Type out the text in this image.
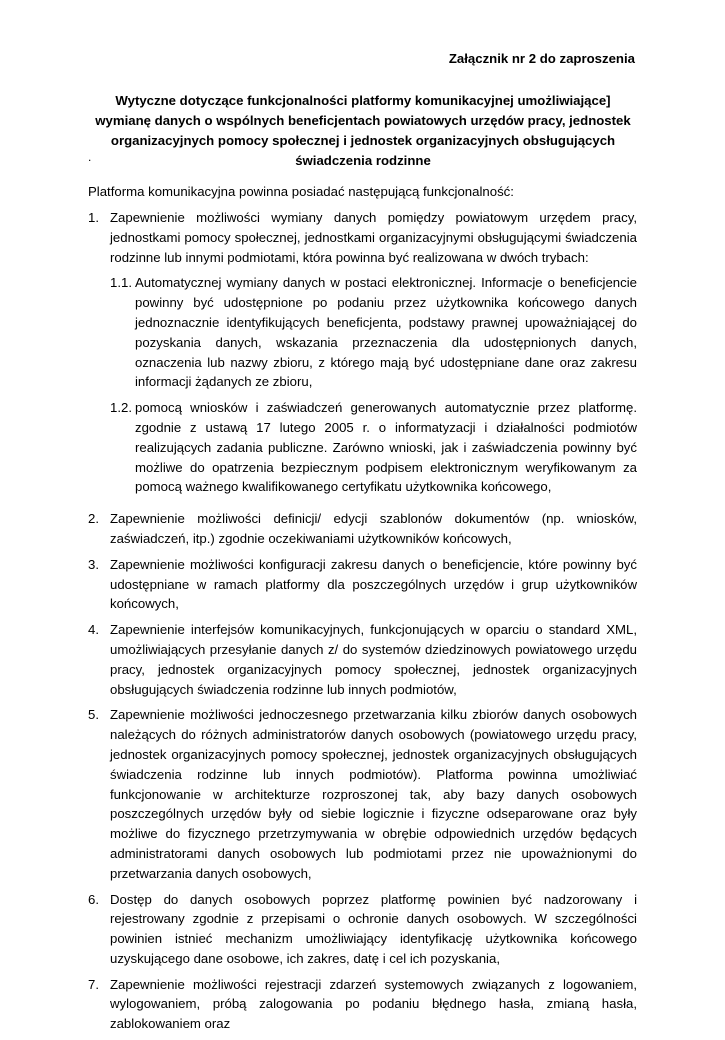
Załącznik nr 2 do zaproszenia
Wytyczne dotyczące funkcjonalności platformy komunikacyjnej umożliwiające] wymianę danych o wspólnych beneficjentach powiatowych urzędów pracy, jednostek organizacyjnych pomocy społecznej i jednostek organizacyjnych obsługujących świadczenia rodzinne
.
Platforma komunikacyjna powinna posiadać następującą funkcjonalność:
1. Zapewnienie możliwości wymiany danych pomiędzy powiatowym urzędem pracy, jednostkami pomocy społecznej, jednostkami organizacyjnymi obsługującymi świadczenia rodzinne lub innymi podmiotami, która powinna być realizowana w dwóch trybach:
1.1. Automatycznej wymiany danych w postaci elektronicznej. Informacje o beneficjencie powinny być udostępnione po podaniu przez użytkownika końcowego danych jednoznacznie identyfikujących beneficjenta, podstawy prawnej upoważniającej do pozyskania danych, wskazania przeznaczenia dla udostępnionych danych, oznaczenia lub nazwy zbioru, z którego mają być udostępniane dane oraz zakresu informacji żądanych ze zbioru,
1.2. pomocą wniosków i zaświadczeń generowanych automatycznie przez platformę. zgodnie z ustawą 17 lutego 2005 r. o informatyzacji i działalności podmiotów realizujących zadania publiczne. Zarówno wnioski, jak i zaświadczenia powinny być możliwe do opatrzenia bezpiecznym podpisem elektronicznym weryfikowanym za pomocą ważnego kwalifikowanego certyfikatu użytkownika końcowego,
2. Zapewnienie możliwości definicji/ edycji szablonów dokumentów (np. wniosków, zaświadczeń, itp.) zgodnie oczekiwaniami użytkowników końcowych,
3. Zapewnienie możliwości konfiguracji zakresu danych o beneficjencie, które powinny być udostępniane w ramach platformy dla poszczególnych urzędów i grup użytkowników końcowych,
4. Zapewnienie interfejsów komunikacyjnych, funkcjonujących w oparciu o standard XML, umożliwiających przesyłanie danych z/ do systemów dziedzinowych powiatowego urzędu pracy, jednostek organizacyjnych pomocy społecznej, jednostek organizacyjnych obsługujących świadczenia rodzinne lub innych podmiotów,
5. Zapewnienie możliwości jednoczesnego przetwarzania kilku zbiorów danych osobowych należących do różnych administratorów danych osobowych (powiatowego urzędu pracy, jednostek organizacyjnych pomocy społecznej, jednostek organizacyjnych obsługujących świadczenia rodzinne lub innych podmiotów). Platforma powinna umożliwiać funkcjonowanie w architekturze rozproszonej tak, aby bazy danych osobowych poszczególnych urzędów były od siebie logicznie i fizyczne odseparowane oraz były możliwe do fizycznego przetrzymywania w obrębie odpowiednich urzędów będących administratorami danych osobowych lub podmiotami przez nie upoważnionymi do przetwarzania danych osobowych,
6. Dostęp do danych osobowych poprzez platformę powinien być nadzorowany i rejestrowany zgodnie z przepisami o ochronie danych osobowych. W szczególności powinien istnieć mechanizm umożliwiający identyfikację użytkownika końcowego uzyskującego dane osobowe, ich zakres, datę i cel ich pozyskania,
7. Zapewnienie możliwości rejestracji zdarzeń systemowych związanych z logowaniem, wylogowaniem, próbą zalogowania po podaniu błędnego hasła, zmianą hasła, zablokowaniem oraz
